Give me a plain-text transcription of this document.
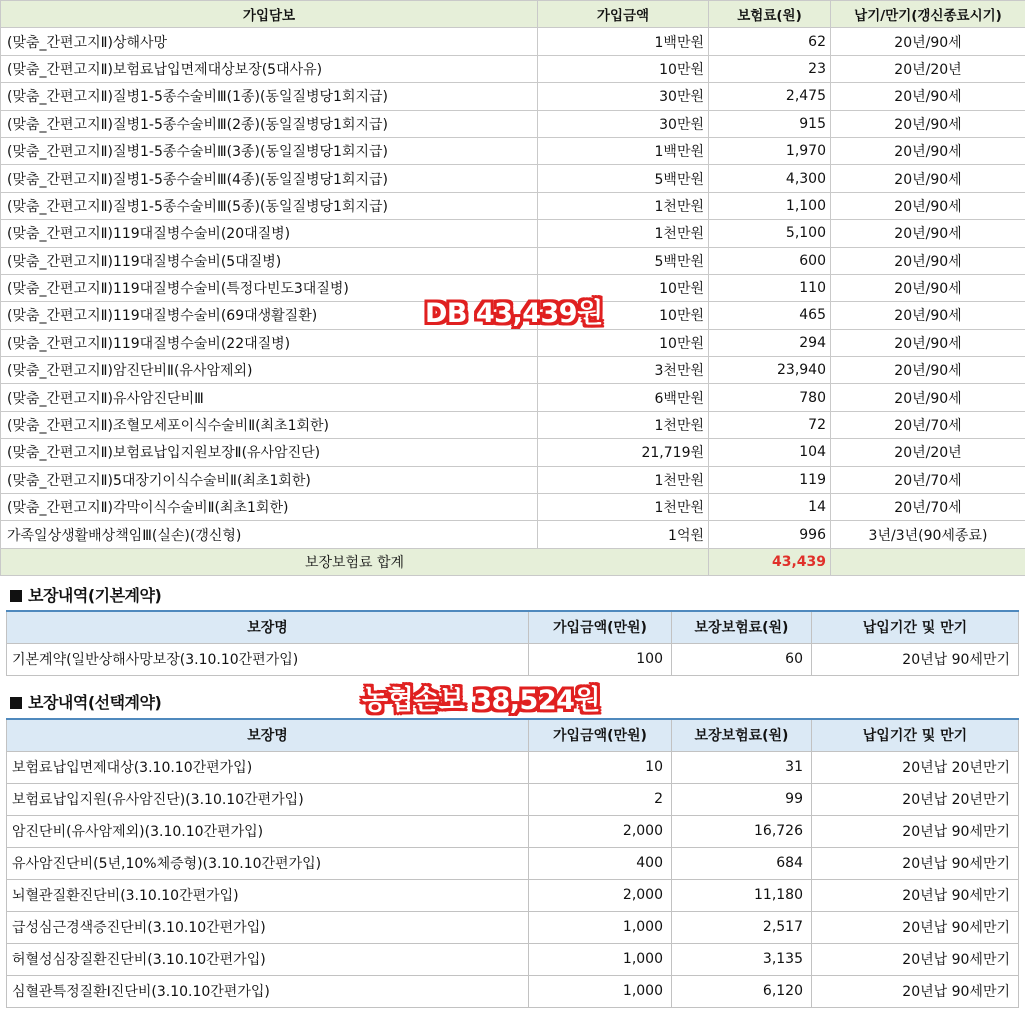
가입담보	가입금액	보험료(원)	납기/만기(갱신종료시기)
(맞춤_간편고지Ⅱ)상해사망	1백만원	62	20년/90세
(맞춤_간편고지Ⅱ)보험료납입면제대상보장(5대사유)	10만원	23	20년/20년
(맞춤_간편고지Ⅱ)질병1-5종수술비Ⅲ(1종)(동일질병당1회지급)	30만원	2,475	20년/90세
(맞춤_간편고지Ⅱ)질병1-5종수술비Ⅲ(2종)(동일질병당1회지급)	30만원	915	20년/90세
(맞춤_간편고지Ⅱ)질병1-5종수술비Ⅲ(3종)(동일질병당1회지급)	1백만원	1,970	20년/90세
(맞춤_간편고지Ⅱ)질병1-5종수술비Ⅲ(4종)(동일질병당1회지급)	5백만원	4,300	20년/90세
(맞춤_간편고지Ⅱ)질병1-5종수술비Ⅲ(5종)(동일질병당1회지급)	1천만원	1,100	20년/90세
(맞춤_간편고지Ⅱ)119대질병수술비(20대질병)	1천만원	5,100	20년/90세
(맞춤_간편고지Ⅱ)119대질병수술비(5대질병)	5백만원	600	20년/90세
(맞춤_간편고지Ⅱ)119대질병수술비(특정다빈도3대질병)	10만원	110	20년/90세
(맞춤_간편고지Ⅱ)119대질병수술비(69대생활질환)	10만원	465	20년/90세
(맞춤_간편고지Ⅱ)119대질병수술비(22대질병)	10만원	294	20년/90세
(맞춤_간편고지Ⅱ)암진단비Ⅱ(유사암제외)	3천만원	23,940	20년/90세
(맞춤_간편고지Ⅱ)유사암진단비Ⅲ	6백만원	780	20년/90세
(맞춤_간편고지Ⅱ)조혈모세포이식수술비Ⅱ(최초1회한)	1천만원	72	20년/70세
(맞춤_간편고지Ⅱ)보험료납입지원보장Ⅱ(유사암진단)	21,719원	104	20년/20년
(맞춤_간편고지Ⅱ)5대장기이식수술비Ⅱ(최초1회한)	1천만원	119	20년/70세
(맞춤_간편고지Ⅱ)각막이식수술비Ⅱ(최초1회한)	1천만원	14	20년/70세
가족일상생활배상책임Ⅲ(실손)(갱신형)	1억원	996	3년/3년(90세종료)
보장보험료 합계		43,439	
보장내역(기본계약)
보장명	가입금액(만원)	보장보험료(원)	납입기간 및 만기
기본계약(일반상해사망보장(3.10.10간편가입)	100	60	20년납 90세만기
보장내역(선택계약)
보장명	가입금액(만원)	보장보험료(원)	납입기간 및 만기
보험료납입면제대상(3.10.10간편가입)	10	31	20년납 20년만기
보험료납입지원(유사암진단)(3.10.10간편가입)	2	99	20년납 20년만기
암진단비(유사암제외)(3.10.10간편가입)	2,000	16,726	20년납 90세만기
유사암진단비(5년,10%체증형)(3.10.10간편가입)	400	684	20년납 90세만기
뇌혈관질환진단비(3.10.10간편가입)	2,000	11,180	20년납 90세만기
급성심근경색증진단비(3.10.10간편가입)	1,000	2,517	20년납 90세만기
허혈성심장질환진단비(3.10.10간편가입)	1,000	3,135	20년납 90세만기
심혈관특정질환Ⅰ진단비(3.10.10간편가입)	1,000	6,120	20년납 90세만기
DB 43,439원
농협손보 38,524원
